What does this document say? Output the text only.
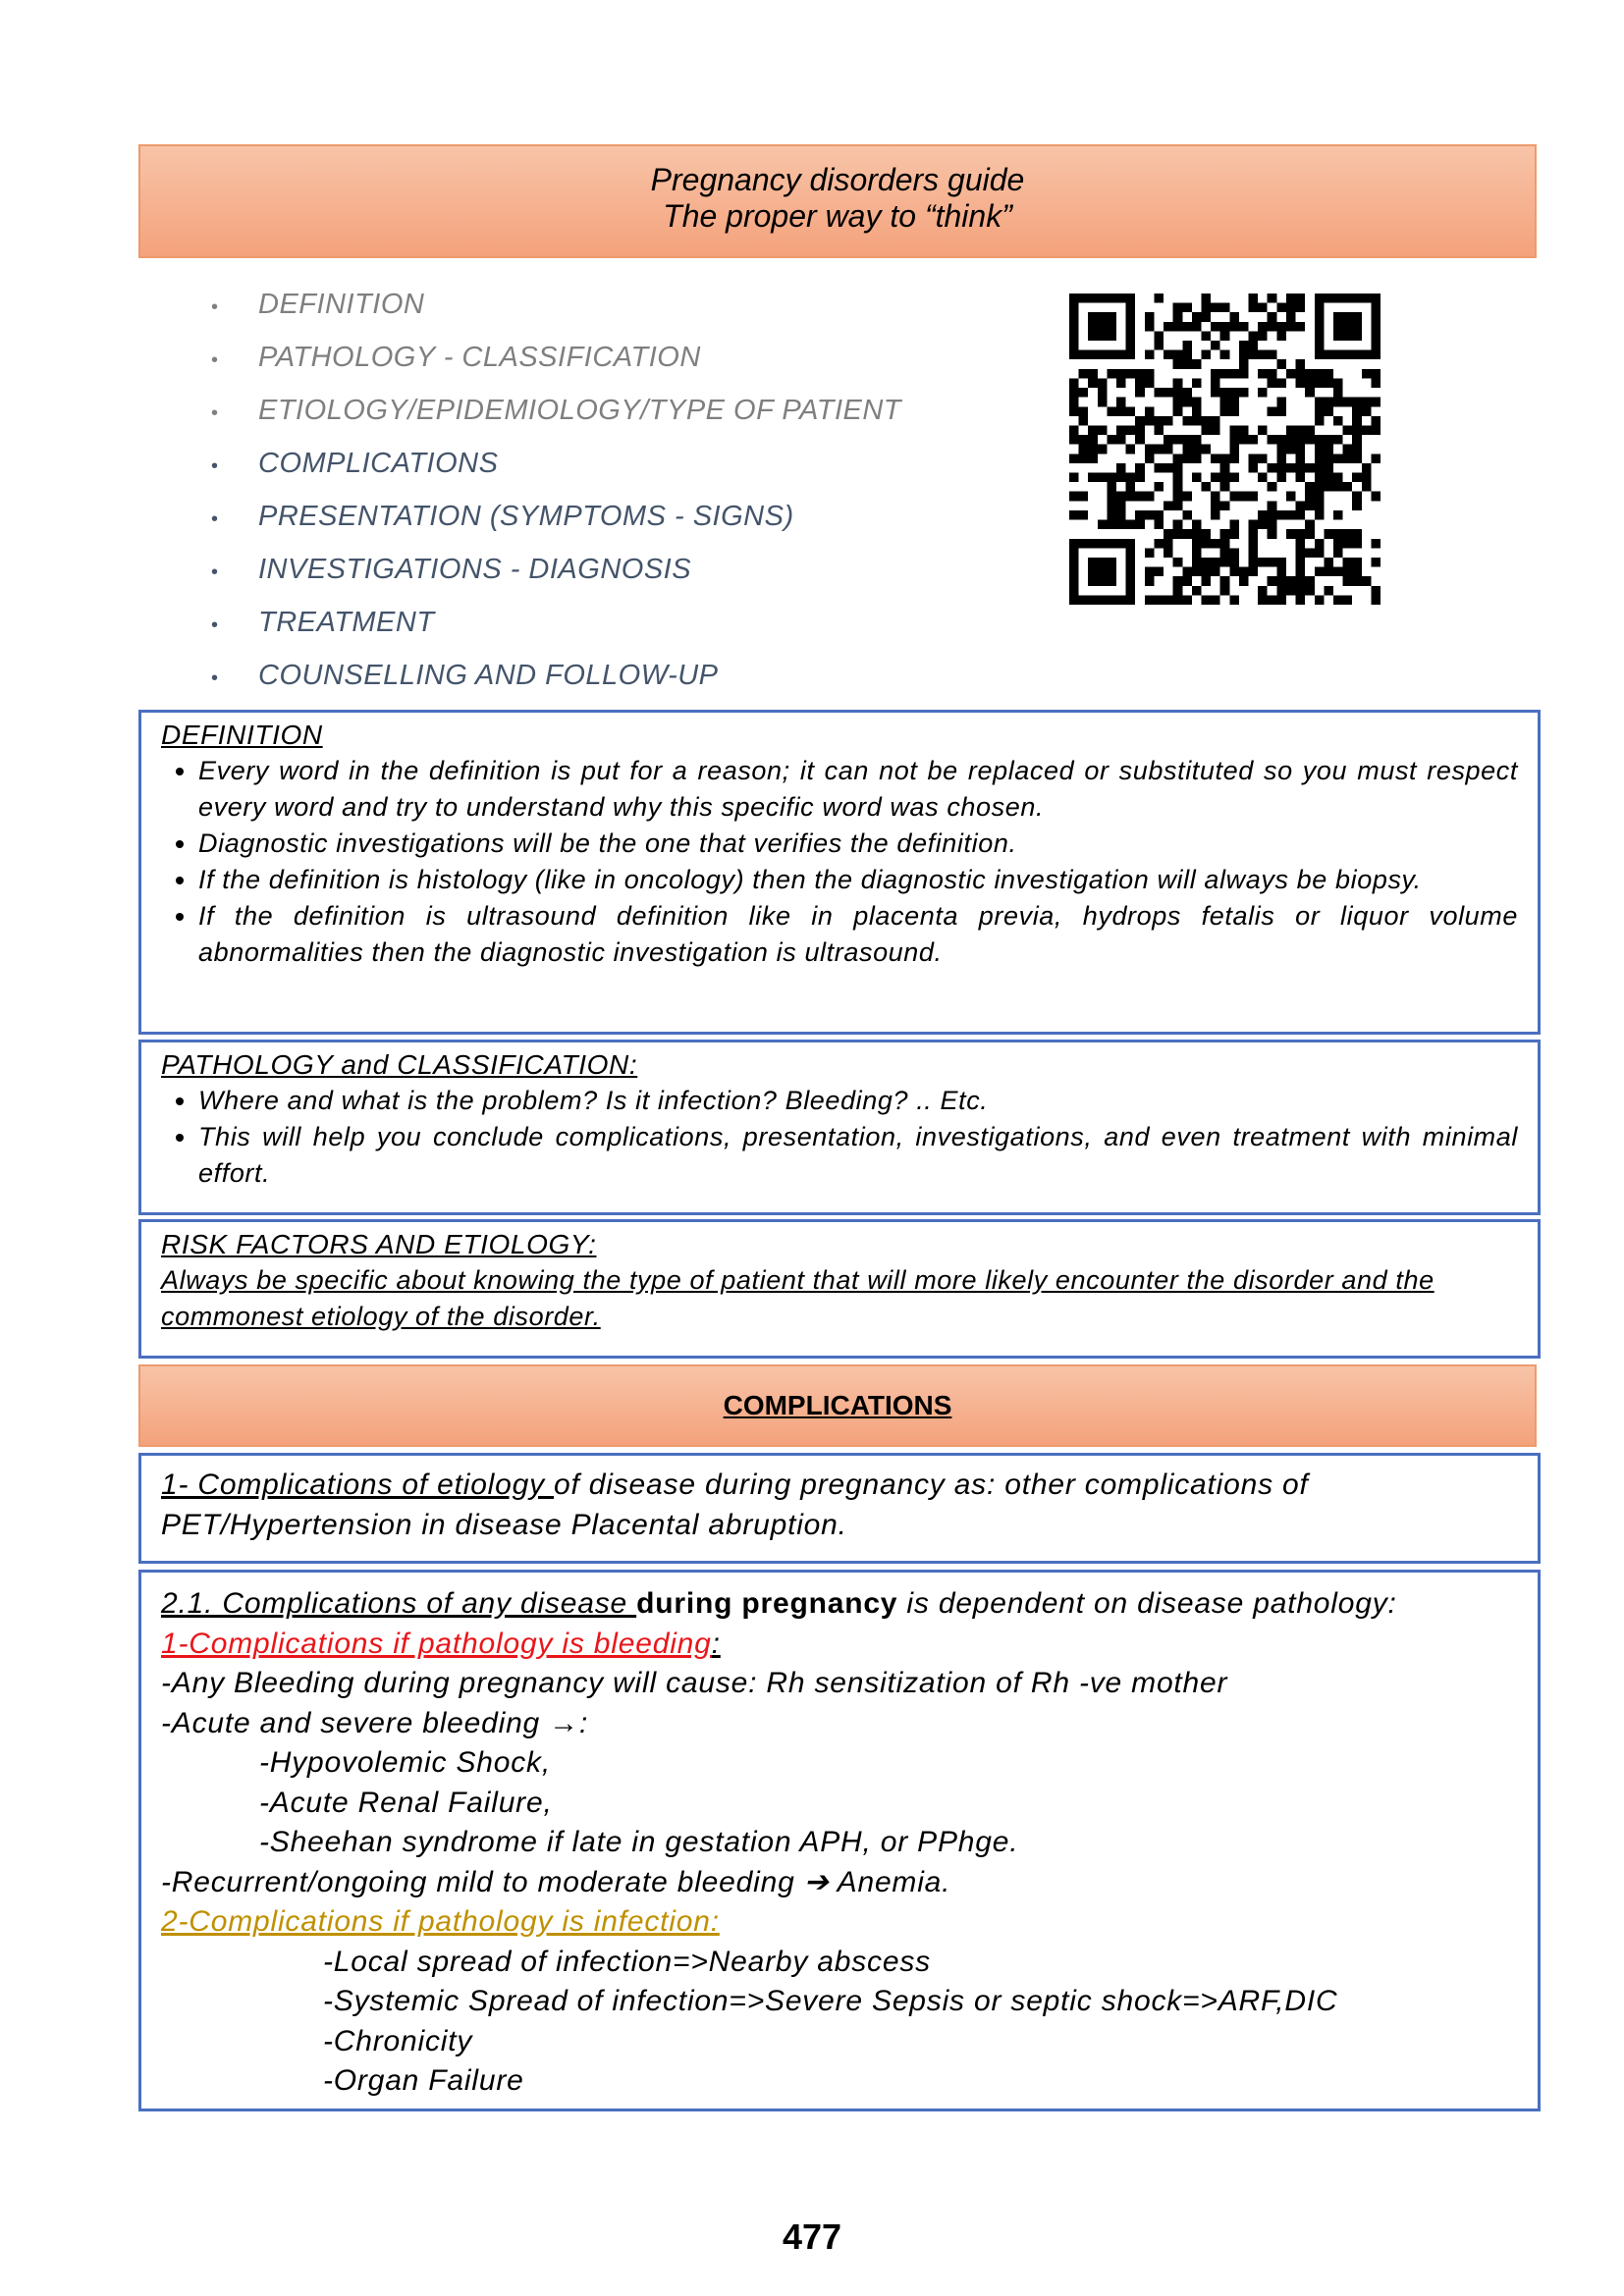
Pregnancy disorders guide
The proper way to “think”
• DEFINITION
• PATHOLOGY - CLASSIFICATION
• ETIOLOGY/EPIDEMIOLOGY/TYPE OF PATIENT
• COMPLICATIONS
• PRESENTATION (SYMPTOMS - SIGNS)
• INVESTIGATIONS - DIAGNOSIS
• TREATMENT
• COUNSELLING AND FOLLOW-UP
DEFINITION
• Every word in the definition is put for a reason; it can not be replaced or substituted so you must respect every word and try to understand why this specific word was chosen.
• Diagnostic investigations will be the one that verifies the definition.
• If the definition is histology (like in oncology) then the diagnostic investigation will always be biopsy.
• If the definition is ultrasound definition like in placenta previa, hydrops fetalis or liquor volume abnormalities then the diagnostic investigation is ultrasound.
PATHOLOGY and CLASSIFICATION:
• Where and what is the problem? Is it infection? Bleeding? .. Etc.
• This will help you conclude complications, presentation, investigations, and even treatment with minimal effort.
RISK FACTORS AND ETIOLOGY:

Always be specific about knowing the type of patient that will more likely encounter the disorder and the commonest etiology of the disorder.

COMPLICATIONS
1- Complications of etiology of disease during pregnancy as: other complications of PET/Hypertension in disease Placental abruption.
2.1. Complications of any disease during pregnancy is dependent on disease pathology:
1-Complications if pathology is bleeding:
-Any Bleeding during pregnancy will cause: Rh sensitization of Rh -ve mother
-Acute and severe bleeding →:
-Hypovolemic Shock,
-Acute Renal Failure,
-Sheehan syndrome if late in gestation APH, or PPhge.
-Recurrent/ongoing mild to moderate bleeding ➔ Anemia.
2-Complications if pathology is infection:
-Local spread of infection=>Nearby abscess
-Systemic Spread of infection=>Severe Sepsis or septic shock=>ARF,DIC
-Chronicity
-Organ Failure
477
